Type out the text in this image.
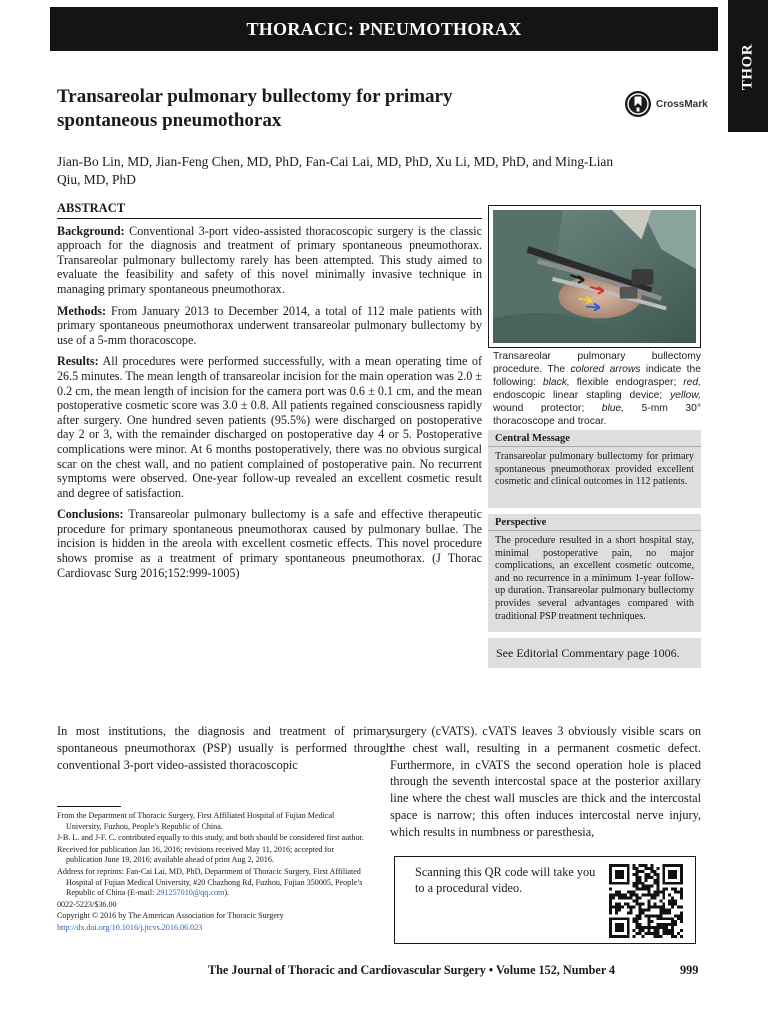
THORACIC: PNEUMOTHORAX
THOR
Transareolar pulmonary bullectomy for primary spontaneous pneumothorax
CrossMark

Jian-Bo Lin, MD, Jian-Feng Chen, MD, PhD, Fan-Cai Lai, MD, PhD, Xu Li, MD, PhD, and Ming-Lian Qiu, MD, PhD

ABSTRACT

Background: Conventional 3-port video-assisted thoracoscopic surgery is the classic approach for the diagnosis and treatment of primary spontaneous pneumothorax. Transareolar pulmonary bullectomy rarely has been attempted. This study aimed to evaluate the feasibility and safety of this novel minimally invasive technique in managing primary spontaneous pneumothorax.

Methods: From January 2013 to December 2014, a total of 112 male patients with primary spontaneous pneumothorax underwent transareolar pulmonary bullectomy by use of a 5-mm thoracoscope.

Results: All procedures were performed successfully, with a mean operating time of 26.5 minutes. The mean length of transareolar incision for the main operation was 2.0 ± 0.2 cm, the mean length of incision for the camera port was 0.6 ± 0.1 cm, and the mean postoperative cosmetic score was 3.0 ± 0.8. All patients regained consciousness rapidly after surgery. One hundred seven patients (95.5%) were discharged on postoperative day 2 or 3, with the remainder discharged on postoperative day 4 or 5. Postoperative complications were minor. At 6 months postoperatively, there was no obvious surgical scar on the chest wall, and no patient complained of postoperative pain. No recurrent symptoms were observed. One-year follow-up revealed an excellent cosmetic result and degree of satisfaction.

Conclusions: Transareolar pulmonary bullectomy is a safe and effective therapeutic procedure for primary spontaneous pneumothorax caused by pulmonary bullae. The incision is hidden in the areola with excellent cosmetic effects. This novel procedure shows promise as a treatment of primary spontaneous pneumothorax. (J Thorac Cardiovasc Surg 2016;152:999-1005)

Transareolar pulmonary bullectomy procedure. The colored arrows indicate the following: black, flexible endograsper; red, endoscopic linear stapling device; yellow, wound protector; blue, 5-mm 30° thoracoscope and trocar.

Central Message
Transareolar pulmonary bullectomy for primary spontaneous pneumothorax provided excellent cosmetic and clinical outcomes in 112 patients.
Perspective
The procedure resulted in a short hospital stay, minimal postoperative pain, no major complications, an excellent cosmetic outcome, and no recurrence in a minimum 1-year follow-up duration. Transareolar pulmonary bullectomy provides several advantages compared with traditional PSP treatment techniques.
See Editorial Commentary page 1006.

In most institutions, the diagnosis and treatment of primary spontaneous pneumothorax (PSP) usually is performed through conventional 3-port video-assisted thoracoscopic

surgery (cVATS). cVATS leaves 3 obviously visible scars on the chest wall, resulting in a permanent cosmetic defect. Furthermore, in cVATS the second operation hole is placed through the seventh intercostal space at the posterior axillary line where the chest wall muscles are thick and the intercostal space is narrow; this often induces intercostal nerve injury, which results in numbness or paresthesia,

From the Department of Thoracic Surgery, First Affiliated Hospital of Fujian Medical University, Fuzhou, People’s Republic of China.

J-B. L. and J-F. C. contributed equally to this study, and both should be considered first author.

Received for publication Jan 16, 2016; revisions received May 11, 2016; accepted for publication June 19, 2016; available ahead of print Aug 2, 2016.

Address for reprints: Fan-Cai Lai, MD, PhD, Department of Thoracic Surgery, First Affiliated Hospital of Fujian Medical University, #20 Chazhong Rd, Fuzhou, Fujian 350005, People’s Republic of China (E-mail: 291257010@qq.com).

0022-5223/$36.00

Copyright © 2016 by The American Association for Thoracic Surgery

http://dx.doi.org/10.1016/j.jtcvs.2016.06.023

Scanning this QR code will take you to a procedural video.

The Journal of Thoracic and Cardiovascular Surgery • Volume 152, Number 4	999
